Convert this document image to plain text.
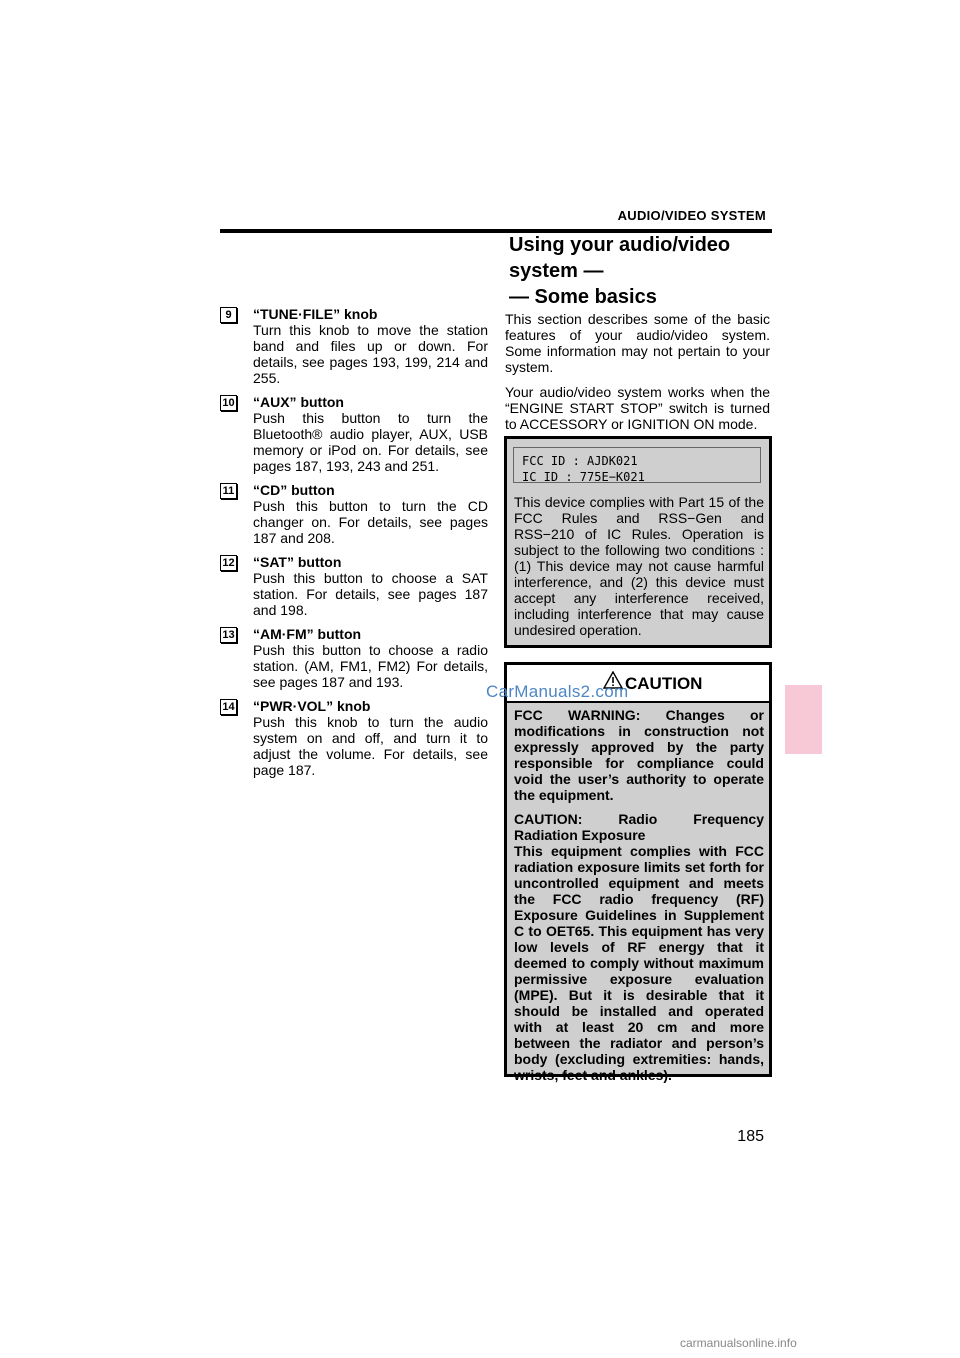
AUDIO/VIDEO SYSTEM
Using your audio/video
system —
— Some basics
9	“TUNE·FILE” knob
Turn this knob to move the station band and files up or down. For details, see pages 193, 199, 214 and 255.
10 “AUX” button
Push this button to turn the Bluetooth® audio player, AUX, USB memory or iPod on. For details, see pages 187, 193, 243 and 251.
11 “CD” button
Push this button to turn the CD changer on. For details, see pages 187 and 208.
12 “SAT” button
Push this button to choose a SAT station. For details, see pages 187 and 198.
13 “AM·FM” button
Push this button to choose a radio station. (AM, FM1, FM2) For details, see pages 187 and 193.
14 “PWR·VOL” knob
Push this knob to turn the audio system on and off, and turn it to adjust the volume. For details, see page 187.

This section describes some of the basic features of your audio/video system. Some information may not pertain to your system.

Your audio/video system works when the “ENGINE START STOP” switch is turned to ACCESSORY or IGNITION ON mode.

FCC ID : AJDK021
IC ID : 775E−K021
This device complies with Part 15 of the FCC Rules and RSS−Gen and RSS−210 of IC Rules. Operation is subject to the following two conditions : (1) This device may not cause harmful interference, and (2) this device must accept any interference received, including interference that may cause undesired operation.
CAUTION

FCC WARNING: Changes or modifications in construction not expressly approved by the party responsible for compliance could void the user’s authority to operate the equipment.

CAUTION: Radio Frequency Radiation Exposure
This equipment complies with FCC radiation exposure limits set forth for uncontrolled equipment and meets the FCC radio frequency (RF) Exposure Guidelines in Supplement C to OET65. This equipment has very low levels of RF energy that it deemed to comply without maximum permissive exposure evaluation (MPE). But it is desirable that it should be installed and operated with at least 20 cm and more between the radiator and person’s body (excluding extremities: hands, wrists, feet and ankles).

CarManuals2.com
185
carmanualsonline.info
